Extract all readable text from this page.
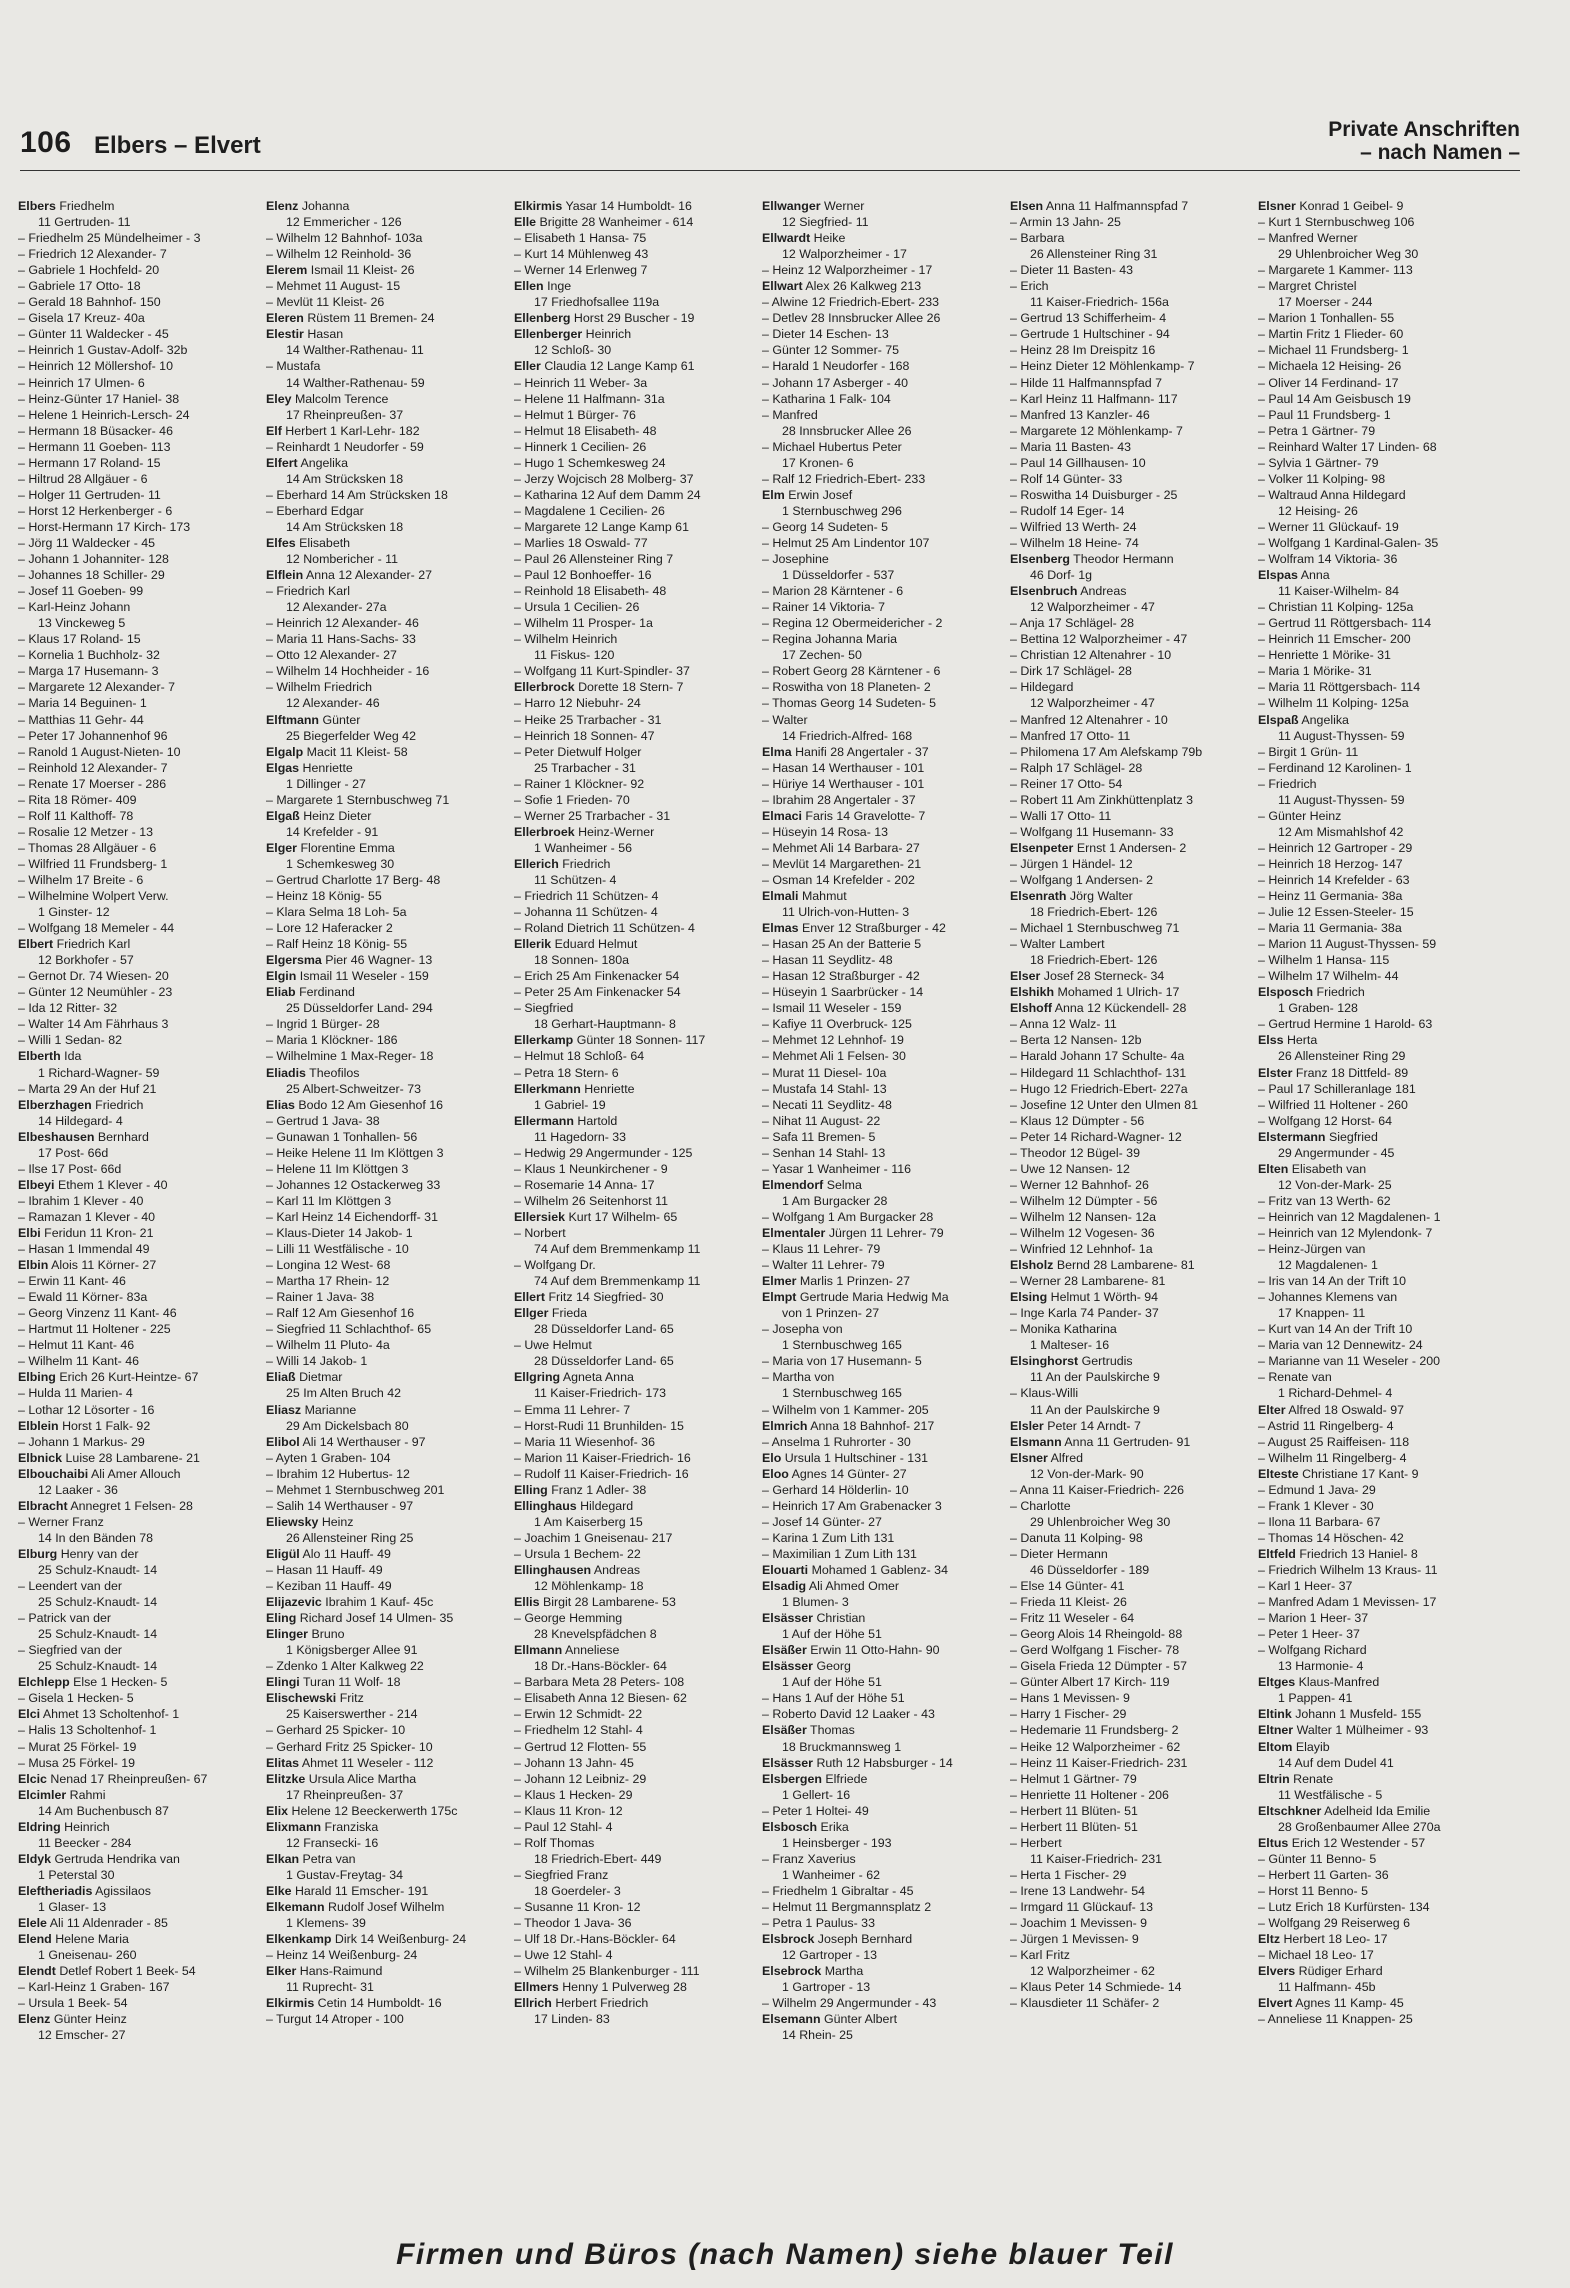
106 Elbers – Elvert
Private Anschriften
– nach Namen –
Elbers Friedhelm
11 Gertruden- 11
– Friedhelm 25 Mündelheimer - 3
– Friedrich 12 Alexander- 7
– Gabriele 1 Hochfeld- 20
– Gabriele 17 Otto- 18
– Gerald 18 Bahnhof- 150
– Gisela 17 Kreuz- 40a
– Günter 11 Waldecker - 45
– Heinrich 1 Gustav-Adolf- 32b
– Heinrich 12 Möllershof- 10
– Heinrich 17 Ulmen- 6
– Heinz-Günter 17 Haniel- 38
– Helene 1 Heinrich-Lersch- 24
– Hermann 18 Büsacker- 46
– Hermann 11 Goeben- 113
– Hermann 17 Roland- 15
– Hiltrud 28 Allgäuer - 6
– Holger 11 Gertruden- 11
– Horst 12 Herkenberger - 6
– Horst-Hermann 17 Kirch- 173
– Jörg 11 Waldecker - 45
– Johann 1 Johanniter- 128
– Johannes 18 Schiller- 29
– Josef 11 Goeben- 99
– Karl-Heinz Johann
13 Vinckeweg 5
– Klaus 17 Roland- 15
– Kornelia 1 Buchholz- 32
– Marga 17 Husemann- 3
– Margarete 12 Alexander- 7
– Maria 14 Beguinen- 1
– Matthias 11 Gehr- 44
– Peter 17 Johannenhof 96
– Ranold 1 August-Nieten- 10
– Reinhold 12 Alexander- 7
– Renate 17 Moerser - 286
– Rita 18 Römer- 409
– Rolf 11 Kalthoff- 78
– Rosalie 12 Metzer - 13
– Thomas 28 Allgäuer - 6
– Wilfried 11 Frundsberg- 1
– Wilhelm 17 Breite - 6
– Wilhelmine Wolpert Verw.
1 Ginster- 12
– Wolfgang 18 Memeler - 44
Elbert Friedrich Karl
12 Borkhofer - 57
– Gernot Dr. 74 Wiesen- 20
– Günter 12 Neumühler - 23
– Ida 12 Ritter- 32
– Walter 14 Am Fährhaus 3
– Willi 1 Sedan- 82
Elberth Ida
1 Richard-Wagner- 59
– Marta 29 An der Huf 21
Elberzhagen Friedrich
14 Hildegard- 4
Elbeshausen Bernhard
17 Post- 66d
– Ilse 17 Post- 66d
Elbeyi Ethem 1 Klever - 40
– Ibrahim 1 Klever - 40
– Ramazan 1 Klever - 40
Elbi Feridun 11 Kron- 21
– Hasan 1 Immendal 49
Elbin Alois 11 Körner- 27
– Erwin 11 Kant- 46
– Ewald 11 Körner- 83a
– Georg Vinzenz 11 Kant- 46
– Hartmut 11 Holtener - 225
– Helmut 11 Kant- 46
– Wilhelm 11 Kant- 46
Elbing Erich 26 Kurt-Heintze- 67
– Hulda 11 Marien- 4
– Lothar 12 Lösorter - 16
Elblein Horst 1 Falk- 92
– Johann 1 Markus- 29
Elbnick Luise 28 Lambarene- 21
Elbouchaibi Ali Amer Allouch
12 Laaker - 36
Elbracht Annegret 1 Felsen- 28
– Werner Franz
14 In den Bänden 78
Elburg Henry van der
25 Schulz-Knaudt- 14
– Leendert van der
25 Schulz-Knaudt- 14
– Patrick van der
25 Schulz-Knaudt- 14
– Siegfried van der
25 Schulz-Knaudt- 14
Elchlepp Else 1 Hecken- 5
– Gisela 1 Hecken- 5
Elci Ahmet 13 Scholtenhof- 1
– Halis 13 Scholtenhof- 1
– Murat 25 Förkel- 19
– Musa 25 Förkel- 19
Elcic Nenad 17 Rheinpreußen- 67
Elcimler Rahmi
14 Am Buchenbusch 87
Eldring Heinrich
11 Beecker - 284
Eldyk Gertruda Hendrika van
1 Peterstal 30
Eleftheriadis Agissilaos
1 Glaser- 13
Elele Ali 11 Aldenrader - 85
Elend Helene Maria
1 Gneisenau- 260
Elendt Detlef Robert 1 Beek- 54
– Karl-Heinz 1 Graben- 167
– Ursula 1 Beek- 54
Elenz Günter Heinz
12 Emscher- 27
Elenz Johanna
12 Emmericher - 126
– Wilhelm 12 Bahnhof- 103a
– Wilhelm 12 Reinhold- 36
Elerem Ismail 11 Kleist- 26
– Mehmet 11 August- 15
– Mevlüt 11 Kleist- 26
Eleren Rüstem 11 Bremen- 24
Elestir Hasan
14 Walther-Rathenau- 11
– Mustafa
14 Walther-Rathenau- 59
Eley Malcolm Terence
17 Rheinpreußen- 37
Elf Herbert 1 Karl-Lehr- 182
– Reinhardt 1 Neudorfer - 59
Elfert Angelika
14 Am Strücksken 18
– Eberhard 14 Am Strücksken 18
– Eberhard Edgar
14 Am Strücksken 18
Elfes Elisabeth
12 Nombericher - 11
Elflein Anna 12 Alexander- 27
– Friedrich Karl
12 Alexander- 27a
– Heinrich 12 Alexander- 46
– Maria 11 Hans-Sachs- 33
– Otto 12 Alexander- 27
– Wilhelm 14 Hochheider - 16
– Wilhelm Friedrich
12 Alexander- 46
Elftmann Günter
25 Biegerfelder Weg 42
Elgalp Macit 11 Kleist- 58
Elgas Henriette
1 Dillinger - 27
– Margarete 1 Sternbuschweg 71
Elgaß Heinz Dieter
14 Krefelder - 91
Elger Florentine Emma
1 Schemkesweg 30
– Gertrud Charlotte 17 Berg- 48
– Heinz 18 König- 55
– Klara Selma 18 Loh- 5a
– Lore 12 Haferacker 2
– Ralf Heinz 18 König- 55
Elgersma Pier 46 Wagner- 13
Elgin Ismail 11 Weseler - 159
Eliab Ferdinand
25 Düsseldorfer Land- 294
– Ingrid 1 Bürger- 28
– Maria 1 Klöckner- 186
– Wilhelmine 1 Max-Reger- 18
Eliadis Theofilos
25 Albert-Schweitzer- 73
Elias Bodo 12 Am Giesenhof 16
– Gertrud 1 Java- 38
– Gunawan 1 Tonhallen- 56
– Heike Helene 11 Im Klöttgen 3
– Helene 11 Im Klöttgen 3
– Johannes 12 Ostackerweg 33
– Karl 11 Im Klöttgen 3
– Karl Heinz 14 Eichendorff- 31
– Klaus-Dieter 14 Jakob- 1
– Lilli 11 Westfälische - 10
– Longina 12 West- 68
– Martha 17 Rhein- 12
– Rainer 1 Java- 38
– Ralf 12 Am Giesenhof 16
– Siegfried 11 Schlachthof- 65
– Wilhelm 11 Pluto- 4a
– Willi 14 Jakob- 1
Eliaß Dietmar
25 Im Alten Bruch 42
Eliasz Marianne
29 Am Dickelsbach 80
Elibol Ali 14 Werthauser - 97
– Ayten 1 Graben- 104
– Ibrahim 12 Hubertus- 12
– Mehmet 1 Sternbuschweg 201
– Salih 14 Werthauser - 97
Eliewsky Heinz
26 Allensteiner Ring 25
Eligül Alo 11 Hauff- 49
– Hasan 11 Hauff- 49
– Keziban 11 Hauff- 49
Elijazevic Ibrahim 1 Kauf- 45c
Eling Richard Josef 14 Ulmen- 35
Elinger Bruno
1 Königsberger Allee 91
– Zdenko 1 Alter Kalkweg 22
Elingi Turan 11 Wolf- 18
Elischewski Fritz
25 Kaiserswerther - 214
– Gerhard 25 Spicker- 10
– Gerhard Fritz 25 Spicker- 10
Elitas Ahmet 11 Weseler - 112
Elitzke Ursula Alice Martha
17 Rheinpreußen- 37
Elix Helene 12 Beeckerwerth 175c
Elixmann Franziska
12 Fransecki- 16
Elkan Petra van
1 Gustav-Freytag- 34
Elke Harald 11 Emscher- 191
Elkemann Rudolf Josef Wilhelm
1 Klemens- 39
Elkenkamp Dirk 14 Weißenburg- 24
– Heinz 14 Weißenburg- 24
Elker Hans-Raimund
11 Ruprecht- 31
Elkirmis Cetin 14 Humboldt- 16
– Turgut 14 Atroper - 100
Elkirmis Yasar 14 Humboldt- 16
Elle Brigitte 28 Wanheimer - 614
– Elisabeth 1 Hansa- 75
– Kurt 14 Mühlenweg 43
– Werner 14 Erlenweg 7
Ellen Inge
17 Friedhofsallee 119a
Ellenberg Horst 29 Buscher - 19
Ellenberger Heinrich
12 Schloß- 30
Eller Claudia 12 Lange Kamp 61
– Heinrich 11 Weber- 3a
– Helene 11 Halfmann- 31a
– Helmut 1 Bürger- 76
– Helmut 18 Elisabeth- 48
– Hinnerk 1 Cecilien- 26
– Hugo 1 Schemkesweg 24
– Jerzy Wojcisch 28 Molberg- 37
– Katharina 12 Auf dem Damm 24
– Magdalene 1 Cecilien- 26
– Margarete 12 Lange Kamp 61
– Marlies 18 Oswald- 77
– Paul 26 Allensteiner Ring 7
– Paul 12 Bonhoeffer- 16
– Reinhold 18 Elisabeth- 48
– Ursula 1 Cecilien- 26
– Wilhelm 11 Prosper- 1a
– Wilhelm Heinrich
11 Fiskus- 120
– Wolfgang 11 Kurt-Spindler- 37
Ellerbrock Dorette 18 Stern- 7
– Harro 12 Niebuhr- 24
– Heike 25 Trarbacher - 31
– Heinrich 18 Sonnen- 47
– Peter Dietwulf Holger
25 Trarbacher - 31
– Rainer 1 Klöckner- 92
– Sofie 1 Frieden- 70
– Werner 25 Trarbacher - 31
Ellerbroek Heinz-Werner
1 Wanheimer - 56
Ellerich Friedrich
11 Schützen- 4
– Friedrich 11 Schützen- 4
– Johanna 11 Schützen- 4
– Roland Dietrich 11 Schützen- 4
Ellerik Eduard Helmut
18 Sonnen- 180a
– Erich 25 Am Finkenacker 54
– Peter 25 Am Finkenacker 54
– Siegfried
18 Gerhart-Hauptmann- 8
Ellerkamp Günter 18 Sonnen- 117
– Helmut 18 Schloß- 64
– Petra 18 Stern- 6
Ellerkmann Henriette
1 Gabriel- 19
Ellermann Hartold
11 Hagedorn- 33
– Hedwig 29 Angermunder - 125
– Klaus 1 Neunkirchener - 9
– Rosemarie 14 Anna- 17
– Wilhelm 26 Seitenhorst 11
Ellersiek Kurt 17 Wilhelm- 65
– Norbert
74 Auf dem Bremmenkamp 11
– Wolfgang Dr.
74 Auf dem Bremmenkamp 11
Ellert Fritz 14 Siegfried- 30
Ellger Frieda
28 Düsseldorfer Land- 65
– Uwe Helmut
28 Düsseldorfer Land- 65
Ellgring Agneta Anna
11 Kaiser-Friedrich- 173
– Emma 11 Lehrer- 7
– Horst-Rudi 11 Brunhilden- 15
– Maria 11 Wiesenhof- 36
– Marion 11 Kaiser-Friedrich- 16
– Rudolf 11 Kaiser-Friedrich- 16
Elling Franz 1 Adler- 38
Ellinghaus Hildegard
1 Am Kaiserberg 15
– Joachim 1 Gneisenau- 217
– Ursula 1 Bechem- 22
Ellinghausen Andreas
12 Möhlenkamp- 18
Ellis Birgit 28 Lambarene- 53
– George Hemming
28 Knevelspfädchen 8
Ellmann Anneliese
18 Dr.-Hans-Böckler- 64
– Barbara Meta 28 Peters- 108
– Elisabeth Anna 12 Biesen- 62
– Erwin 12 Schmidt- 22
– Friedhelm 12 Stahl- 4
– Gertrud 12 Flotten- 55
– Johann 13 Jahn- 45
– Johann 12 Leibniz- 29
– Klaus 1 Hecken- 29
– Klaus 11 Kron- 12
– Paul 12 Stahl- 4
– Rolf Thomas
18 Friedrich-Ebert- 449
– Siegfried Franz
18 Goerdeler- 3
– Susanne 11 Kron- 12
– Theodor 1 Java- 36
– Ulf 18 Dr.-Hans-Böckler- 64
– Uwe 12 Stahl- 4
– Wilhelm 25 Blankenburger - 111
Ellmers Henny 1 Pulverweg 28
Ellrich Herbert Friedrich
17 Linden- 83
Ellwanger Werner
12 Siegfried- 11
Ellwardt Heike
12 Walporzheimer - 17
– Heinz 12 Walporzheimer - 17
Ellwart Alex 26 Kalkweg 213
– Alwine 12 Friedrich-Ebert- 233
– Detlev 28 Innsbrucker Allee 26
– Dieter 14 Eschen- 13
– Günter 12 Sommer- 75
– Harald 1 Neudorfer - 168
– Johann 17 Asberger - 40
– Katharina 1 Falk- 104
– Manfred
28 Innsbrucker Allee 26
– Michael Hubertus Peter
17 Kronen- 6
– Ralf 12 Friedrich-Ebert- 233
Elm Erwin Josef
1 Sternbuschweg 296
– Georg 14 Sudeten- 5
– Helmut 25 Am Lindentor 107
– Josephine
1 Düsseldorfer - 537
– Marion 28 Kärntener - 6
– Rainer 14 Viktoria- 7
– Regina 12 Obermeidericher - 2
– Regina Johanna Maria
17 Zechen- 50
– Robert Georg 28 Kärntener - 6
– Roswitha von 18 Planeten- 2
– Thomas Georg 14 Sudeten- 5
– Walter
14 Friedrich-Alfred- 168
Elma Hanifi 28 Angertaler - 37
– Hasan 14 Werthauser - 101
– Hüriye 14 Werthauser - 101
– Ibrahim 28 Angertaler - 37
Elmaci Faris 14 Gravelotte- 7
– Hüseyin 14 Rosa- 13
– Mehmet Ali 14 Barbara- 27
– Mevlüt 14 Margarethen- 21
– Osman 14 Krefelder - 202
Elmali Mahmut
11 Ulrich-von-Hutten- 3
Elmas Enver 12 Straßburger - 42
– Hasan 25 An der Batterie 5
– Hasan 11 Seydlitz- 48
– Hasan 12 Straßburger - 42
– Hüseyin 1 Saarbrücker - 14
– Ismail 11 Weseler - 159
– Kafiye 11 Overbruck- 125
– Mehmet 12 Lehnhof- 19
– Mehmet Ali 1 Felsen- 30
– Murat 11 Diesel- 10a
– Mustafa 14 Stahl- 13
– Necati 11 Seydlitz- 48
– Nihat 11 August- 22
– Safa 11 Bremen- 5
– Senhan 14 Stahl- 13
– Yasar 1 Wanheimer - 116
Elmendorf Selma
1 Am Burgacker 28
– Wolfgang 1 Am Burgacker 28
Elmentaler Jürgen 11 Lehrer- 79
– Klaus 11 Lehrer- 79
– Walter 11 Lehrer- 79
Elmer Marlis 1 Prinzen- 27
Elmpt Gertrude Maria Hedwig Ma
von 1 Prinzen- 27
– Josepha von
1 Sternbuschweg 165
– Maria von 17 Husemann- 5
– Martha von
1 Sternbuschweg 165
– Wilhelm von 1 Kammer- 205
Elmrich Anna 18 Bahnhof- 217
– Anselma 1 Ruhrorter - 30
Elo Ursula 1 Hultschiner - 131
Eloo Agnes 14 Günter- 27
– Gerhard 14 Hölderlin- 10
– Heinrich 17 Am Grabenacker 3
– Josef 14 Günter- 27
– Karina 1 Zum Lith 131
– Maximilian 1 Zum Lith 131
Elouarti Mohamed 1 Gablenz- 34
Elsadig Ali Ahmed Omer
1 Blumen- 3
Elsässer Christian
1 Auf der Höhe 51
Elsäßer Erwin 11 Otto-Hahn- 90
Elsässer Georg
1 Auf der Höhe 51
– Hans 1 Auf der Höhe 51
– Roberto David 12 Laaker - 43
Elsäßer Thomas
18 Bruckmannsweg 1
Elsässer Ruth 12 Habsburger - 14
Elsbergen Elfriede
1 Gellert- 16
– Peter 1 Holtei- 49
Elsbosch Erika
1 Heinsberger - 193
– Franz Xaverius
1 Wanheimer - 62
– Friedhelm 1 Gibraltar - 45
– Helmut 11 Bergmannsplatz 2
– Petra 1 Paulus- 33
Elsbrock Joseph Bernhard
12 Gartroper - 13
Elsebrock Martha
1 Gartroper - 13
– Wilhelm 29 Angermunder - 43
Elsemann Günter Albert
14 Rhein- 25
Elsen Anna 11 Halfmannspfad 7
– Armin 13 Jahn- 25
– Barbara
26 Allensteiner Ring 31
– Dieter 11 Basten- 43
– Erich
11 Kaiser-Friedrich- 156a
– Gertrud 13 Schifferheim- 4
– Gertrude 1 Hultschiner - 94
– Heinz 28 Im Dreispitz 16
– Heinz Dieter 12 Möhlenkamp- 7
– Hilde 11 Halfmannspfad 7
– Karl Heinz 11 Halfmann- 117
– Manfred 13 Kanzler- 46
– Margarete 12 Möhlenkamp- 7
– Maria 11 Basten- 43
– Paul 14 Gillhausen- 10
– Rolf 14 Günter- 33
– Roswitha 14 Duisburger - 25
– Rudolf 14 Eger- 14
– Wilfried 13 Werth- 24
– Wilhelm 18 Heine- 74
Elsenberg Theodor Hermann
46 Dorf- 1g
Elsenbruch Andreas
12 Walporzheimer - 47
– Anja 17 Schlägel- 28
– Bettina 12 Walporzheimer - 47
– Christian 12 Altenahrer - 10
– Dirk 17 Schlägel- 28
– Hildegard
12 Walporzheimer - 47
– Manfred 12 Altenahrer - 10
– Manfred 17 Otto- 11
– Philomena 17 Am Alefskamp 79b
– Ralph 17 Schlägel- 28
– Reiner 17 Otto- 54
– Robert 11 Am Zinkhüttenplatz 3
– Walli 17 Otto- 11
– Wolfgang 11 Husemann- 33
Elsenpeter Ernst 1 Andersen- 2
– Jürgen 1 Händel- 12
– Wolfgang 1 Andersen- 2
Elsenrath Jörg Walter
18 Friedrich-Ebert- 126
– Michael 1 Sternbuschweg 71
– Walter Lambert
18 Friedrich-Ebert- 126
Elser Josef 28 Sterneck- 34
Elshikh Mohamed 1 Ulrich- 17
Elshoff Anna 12 Kückendell- 28
– Anna 12 Walz- 11
– Berta 12 Nansen- 12b
– Harald Johann 17 Schulte- 4a
– Hildegard 11 Schlachthof- 131
– Hugo 12 Friedrich-Ebert- 227a
– Josefine 12 Unter den Ulmen 81
– Klaus 12 Dümpter - 56
– Peter 14 Richard-Wagner- 12
– Theodor 12 Bügel- 39
– Uwe 12 Nansen- 12
– Werner 12 Bahnhof- 26
– Wilhelm 12 Dümpter - 56
– Wilhelm 12 Nansen- 12a
– Wilhelm 12 Vogesen- 36
– Winfried 12 Lehnhof- 1a
Elsholz Bernd 28 Lambarene- 81
– Werner 28 Lambarene- 81
Elsing Helmut 1 Wörth- 94
– Inge Karla 74 Pander- 37
– Monika Katharina
1 Malteser- 16
Elsinghorst Gertrudis
11 An der Paulskirche 9
– Klaus-Willi
11 An der Paulskirche 9
Elsler Peter 14 Arndt- 7
Elsmann Anna 11 Gertruden- 91
Elsner Alfred
12 Von-der-Mark- 90
– Anna 11 Kaiser-Friedrich- 226
– Charlotte
29 Uhlenbroicher Weg 30
– Danuta 11 Kolping- 98
– Dieter Hermann
46 Düsseldorfer - 189
– Else 14 Günter- 41
– Frieda 11 Kleist- 26
– Fritz 11 Weseler - 64
– Georg Alois 14 Rheingold- 88
– Gerd Wolfgang 1 Fischer- 78
– Gisela Frieda 12 Dümpter - 57
– Günter Albert 17 Kirch- 119
– Hans 1 Mevissen- 9
– Harry 1 Fischer- 29
– Hedemarie 11 Frundsberg- 2
– Heike 12 Walporzheimer - 62
– Heinz 11 Kaiser-Friedrich- 231
– Helmut 1 Gärtner- 79
– Henriette 11 Holtener - 206
– Herbert 11 Blüten- 51
– Herbert 11 Blüten- 51
– Herbert
11 Kaiser-Friedrich- 231
– Herta 1 Fischer- 29
– Irene 13 Landwehr- 54
– Irmgard 11 Glückauf- 13
– Joachim 1 Mevissen- 9
– Jürgen 1 Mevissen- 9
– Karl Fritz
12 Walporzheimer - 62
– Klaus Peter 14 Schmiede- 14
– Klausdieter 11 Schäfer- 2
Elsner Konrad 1 Geibel- 9
– Kurt 1 Sternbuschweg 106
– Manfred Werner
29 Uhlenbroicher Weg 30
– Margarete 1 Kammer- 113
– Margret Christel
17 Moerser - 244
– Marion 1 Tonhallen- 55
– Martin Fritz 1 Flieder- 60
– Michael 11 Frundsberg- 1
– Michaela 12 Heising- 26
– Oliver 14 Ferdinand- 17
– Paul 14 Am Geisbusch 19
– Paul 11 Frundsberg- 1
– Petra 1 Gärtner- 79
– Reinhard Walter 17 Linden- 68
– Sylvia 1 Gärtner- 79
– Volker 11 Kolping- 98
– Waltraud Anna Hildegard
12 Heising- 26
– Werner 11 Glückauf- 19
– Wolfgang 1 Kardinal-Galen- 35
– Wolfram 14 Viktoria- 36
Elspas Anna
11 Kaiser-Wilhelm- 84
– Christian 11 Kolping- 125a
– Gertrud 11 Röttgersbach- 114
– Heinrich 11 Emscher- 200
– Henriette 1 Mörike- 31
– Maria 1 Mörike- 31
– Maria 11 Röttgersbach- 114
– Wilhelm 11 Kolping- 125a
Elspaß Angelika
11 August-Thyssen- 59
– Birgit 1 Grün- 11
– Ferdinand 12 Karolinen- 1
– Friedrich
11 August-Thyssen- 59
– Günter Heinz
12 Am Mismahlshof 42
– Heinrich 12 Gartroper - 29
– Heinrich 18 Herzog- 147
– Heinrich 14 Krefelder - 63
– Heinz 11 Germania- 38a
– Julie 12 Essen-Steeler- 15
– Maria 11 Germania- 38a
– Marion 11 August-Thyssen- 59
– Wilhelm 1 Hansa- 115
– Wilhelm 17 Wilhelm- 44
Elsposch Friedrich
1 Graben- 128
– Gertrud Hermine 1 Harold- 63
Elss Herta
26 Allensteiner Ring 29
Elster Franz 18 Dittfeld- 89
– Paul 17 Schilleranlage 181
– Wilfried 11 Holtener - 260
– Wolfgang 12 Horst- 64
Elstermann Siegfried
29 Angermunder - 45
Elten Elisabeth van
12 Von-der-Mark- 25
– Fritz van 13 Werth- 62
– Heinrich van 12 Magdalenen- 1
– Heinrich van 12 Mylendonk- 7
– Heinz-Jürgen van
12 Magdalenen- 1
– Iris van 14 An der Trift 10
– Johannes Klemens van
17 Knappen- 11
– Kurt van 14 An der Trift 10
– Maria van 12 Dennewitz- 24
– Marianne van 11 Weseler - 200
– Renate van
1 Richard-Dehmel- 4
Elter Alfred 18 Oswald- 97
– Astrid 11 Ringelberg- 4
– August 25 Raiffeisen- 118
– Wilhelm 11 Ringelberg- 4
Elteste Christiane 17 Kant- 9
– Edmund 1 Java- 29
– Frank 1 Klever - 30
– Ilona 11 Barbara- 67
– Thomas 14 Höschen- 42
Eltfeld Friedrich 13 Haniel- 8
– Friedrich Wilhelm 13 Kraus- 11
– Karl 1 Heer- 37
– Manfred Adam 1 Mevissen- 17
– Marion 1 Heer- 37
– Peter 1 Heer- 37
– Wolfgang Richard
13 Harmonie- 4
Eltges Klaus-Manfred
1 Pappen- 41
Eltink Johann 1 Musfeld- 155
Eltner Walter 1 Mülheimer - 93
Eltom Elayib
14 Auf dem Dudel 41
Eltrin Renate
11 Westfälische - 5
Eltschkner Adelheid Ida Emilie
28 Großenbaumer Allee 270a
Eltus Erich 12 Westender - 57
– Günter 11 Benno- 5
– Herbert 11 Garten- 36
– Horst 11 Benno- 5
– Lutz Erich 18 Kurfürsten- 134
– Wolfgang 29 Reiserweg 6
Eltz Herbert 18 Leo- 17
– Michael 18 Leo- 17
Elvers Rüdiger Erhard
11 Halfmann- 45b
Elvert Agnes 11 Kamp- 45
– Anneliese 11 Knappen- 25
Firmen und Büros (nach Namen) siehe blauer Teil
